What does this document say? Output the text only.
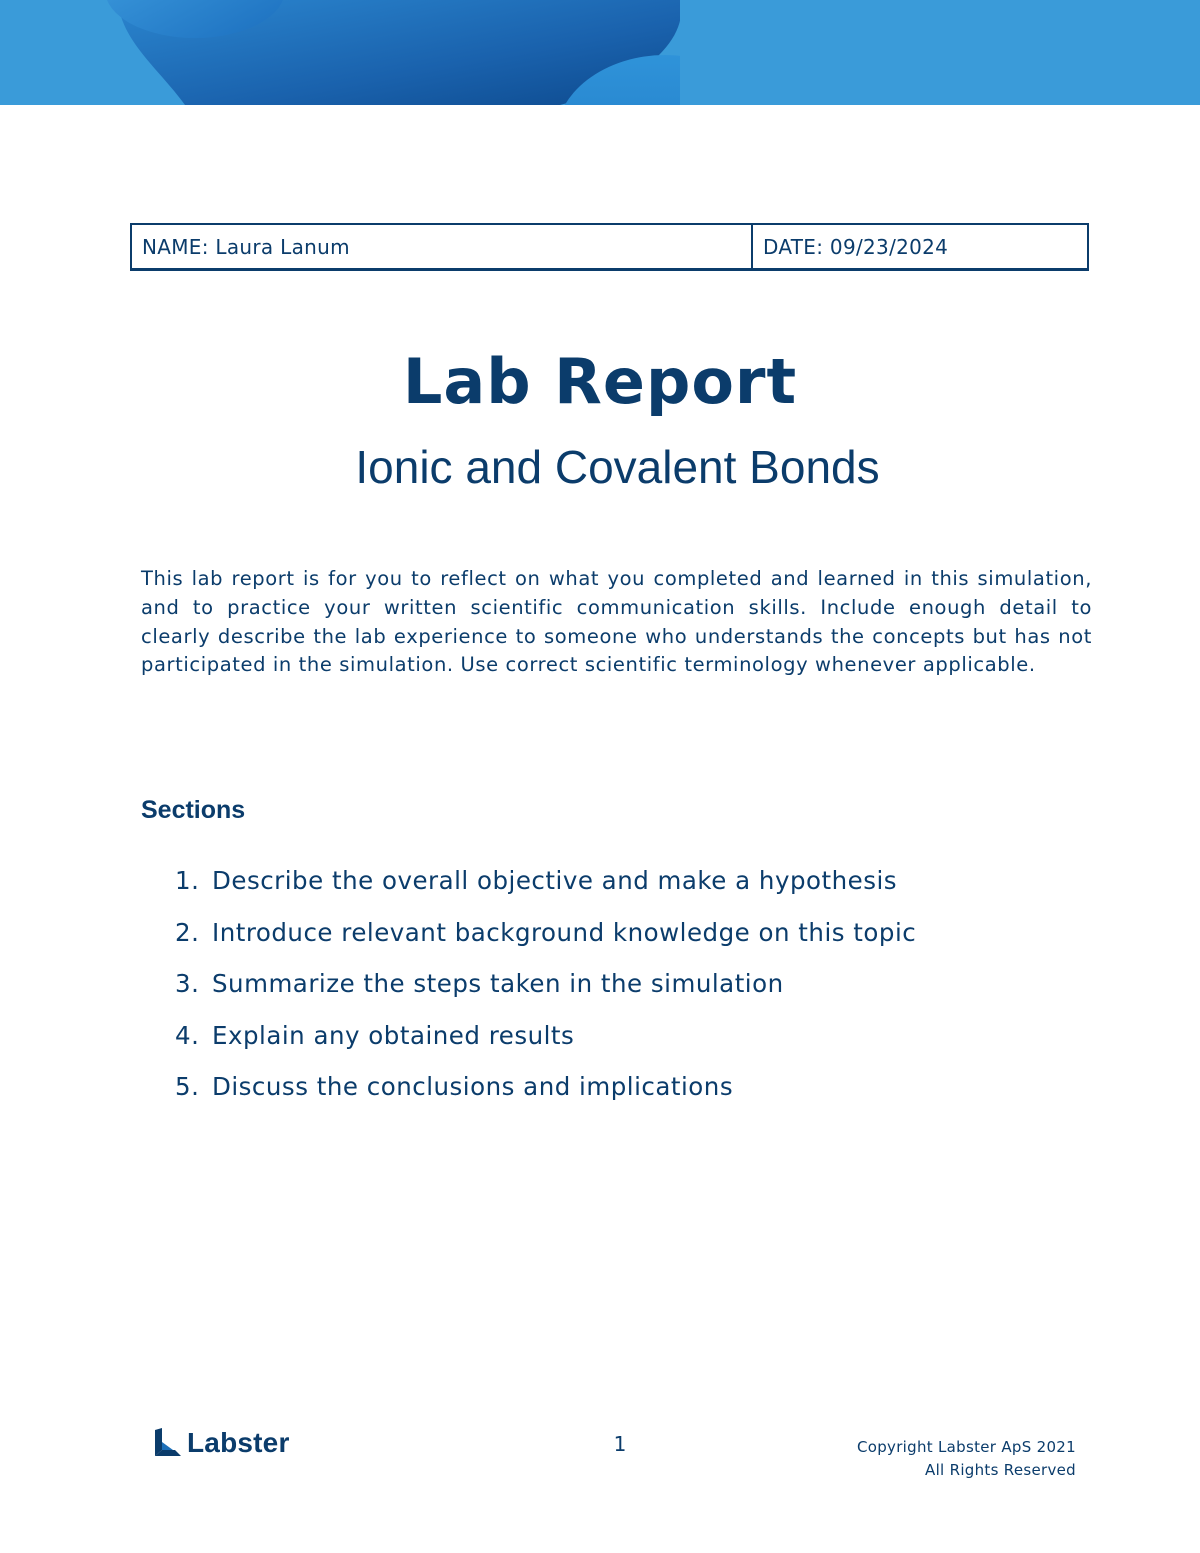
NAME: Laura Lanum	DATE: 09/23/2024
Lab Report
Ionic and Covalent Bonds

This lab report is for you to reflect on what you completed and learned in this simulation, and to practice your written scientific communication skills. Include enough detail to clearly describe the lab experience to someone who understands the concepts but has not participated in the simulation. Use correct scientific terminology whenever applicable.

Sections
1. Describe the overall objective and make a hypothesis
2. Introduce relevant background knowledge on this topic
3. Summarize the steps taken in the simulation
4. Explain any obtained results
5. Discuss the conclusions and implications
Labster	1	Copyright Labster ApS 2021
All Rights Reserved
